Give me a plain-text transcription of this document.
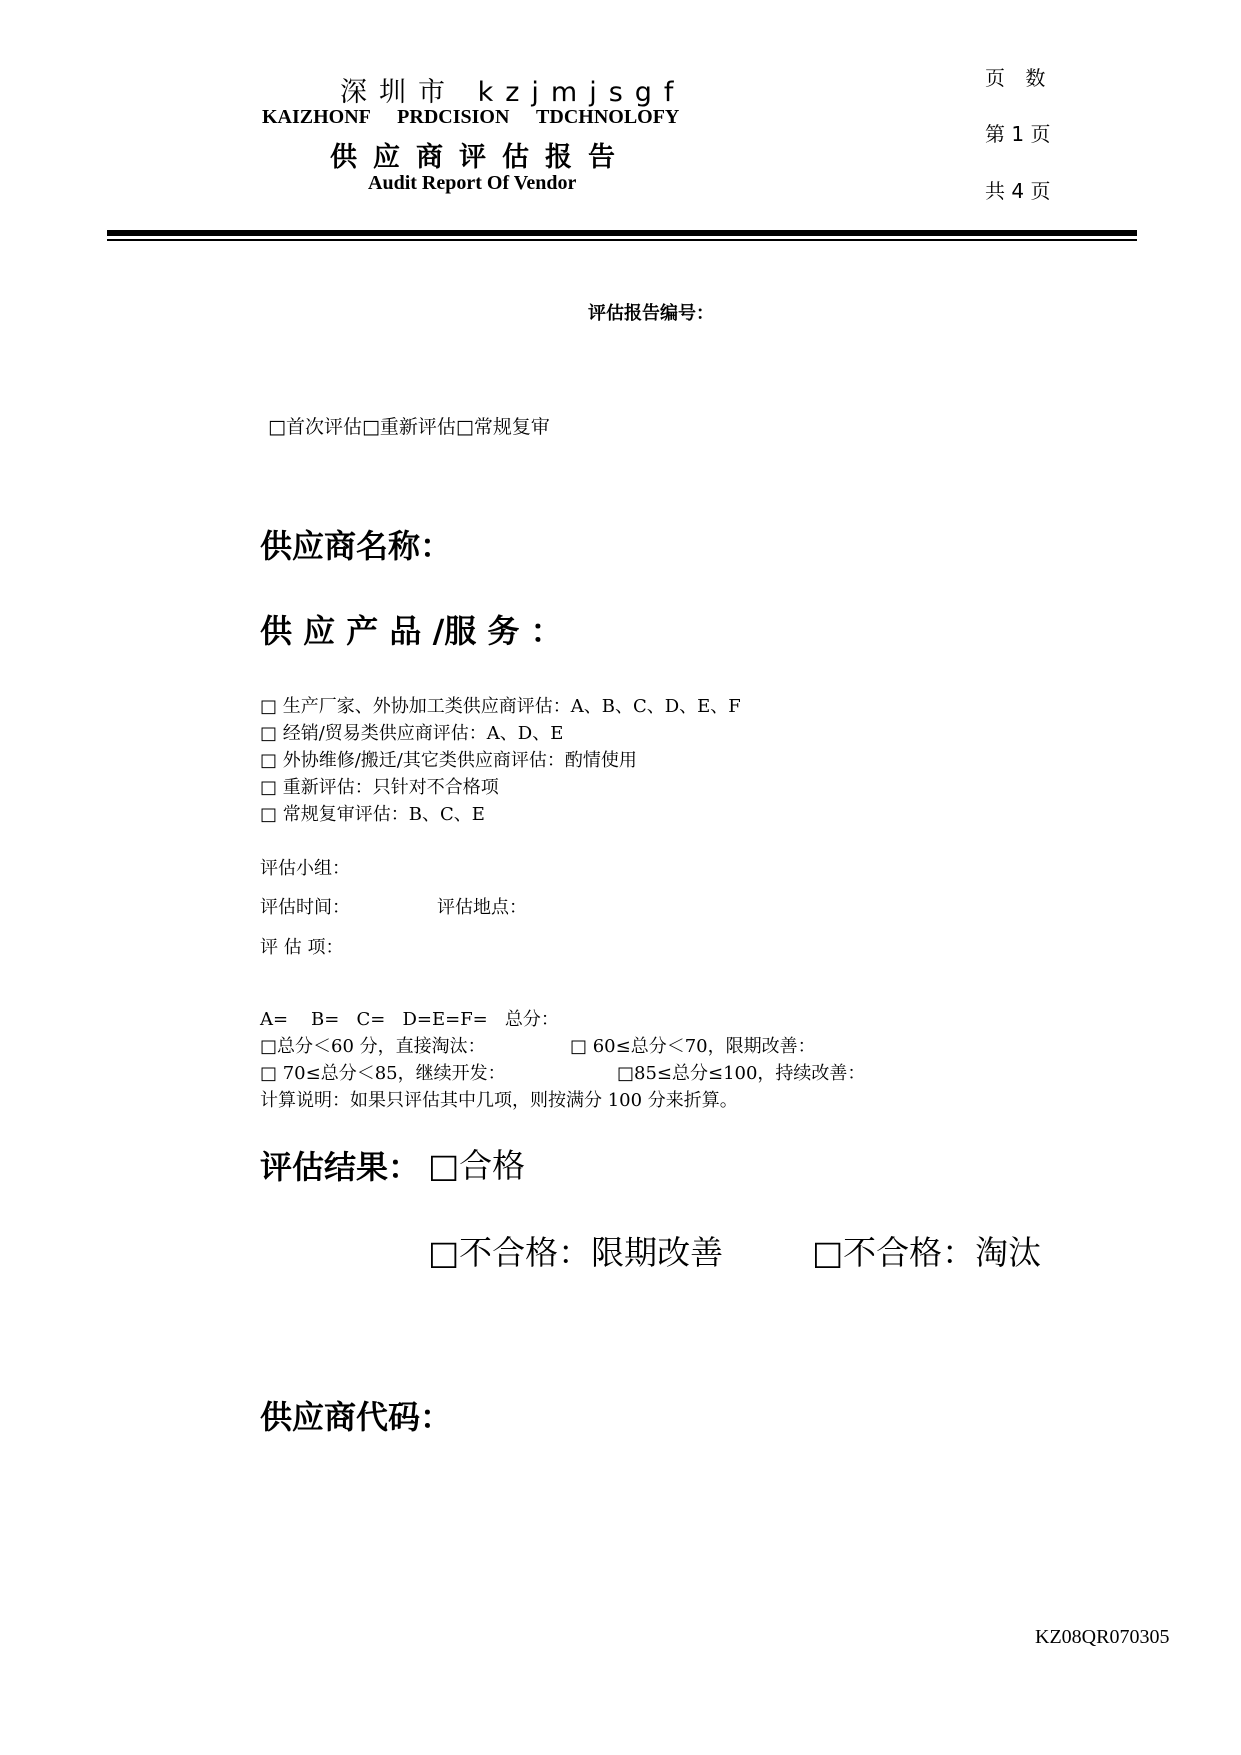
深圳市 kzjmjsgf
KAIZHONF PRDCISION TDCHNOLOFY
供应商评估报告
Audit Report Of Vendor
页 数
第 1 页
共 4 页
评估报告编号：
□首次评估□重新评估□常规复审
供应商名称：
供 应 产 品 /服 务 ：
□ 生产厂家、外协加工类供应商评估：A、B、C、D、E、F
□ 经销/贸易类供应商评估：A、D、E
□ 外协维修/搬迁/其它类供应商评估：酌情使用
□ 重新评估：只针对不合格项
□ 常规复审评估：B、C、E
评估小组：
评估时间：	评估地点：
评 估 项：
A=    B=   C=   D=E=F=   总分：
□总分＜60 分，直接淘汰：	□ 60≤总分＜70，限期改善：
□ 70≤总分＜85，继续开发：	□85≤总分≤100，持续改善：
计算说明：如果只评估其中几项，则按满分 100 分来折算。
评估结果： □合格
□不合格：限期改善	□不合格：淘汰
供应商代码：
KZ08QR070305
